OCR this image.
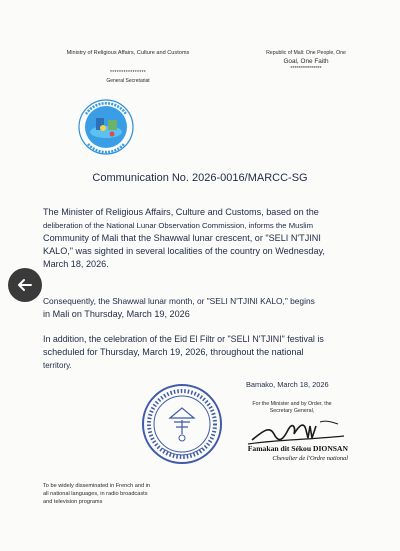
Ministry of Religious Affairs, Culture and Customs
****************
General Secretariat
Republic of Mali: One People, One
Goal, One Faith
****************
Communication No. 2026-0016/MARCC-SG
The Minister of Religious Affairs, Culture and Customs, based on the
deliberation of the National Lunar Observation Commission, informs the Muslim
Community of Mali that the Shawwal lunar crescent, or "SELI N'TJINI
KALO," was sighted in several localities of the country on Wednesday,
March 18, 2026.
Consequently, the Shawwal lunar month, or "SELI N'TJINI KALO," begins
in Mali on Thursday, March 19, 2026
In addition, the celebration of the Eid El Filtr or "SELI N'TJINI" festival is
scheduled for Thursday, March 19, 2026, throughout the national
territory.
Bamako, March 18, 2026
For the Minister and by Order, the
Secretary General,
Famakan dit Sékou DIONSAN
Chevalier de l'Ordre national
To be widely disseminated in French and in
all national languages, in radio broadcasts
and television programs
